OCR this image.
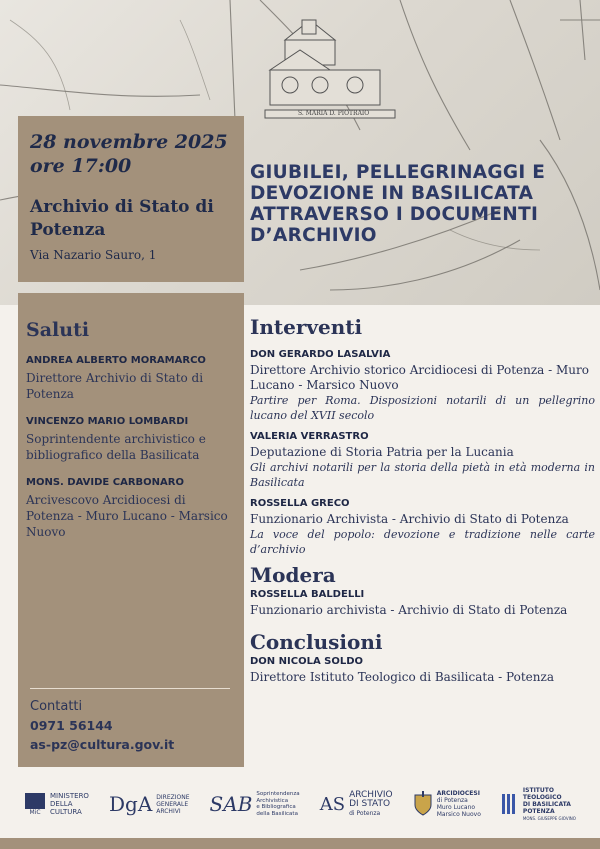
S. MARIA D. PIOTRAIO
28 novembre 2025
ore 17:00
Archivio di Stato di Potenza
Via Nazario Sauro, 1
GIUBILEI, PELLEGRINAGGI E DEVOZIONE IN BASILICATA ATTRAVERSO I DOCUMENTI D’ARCHIVIO
Saluti
ANDREA ALBERTO MORAMARCO
Direttore Archivio di Stato di Potenza
VINCENZO MARIO LOMBARDI
Soprintendente archivistico e bibliografico della Basilicata
MONS. DAVIDE CARBONARO
Arcivescovo Arcidiocesi di Potenza - Muro Lucano - Marsico Nuovo
Contatti
0971 56144
as-pz@cultura.gov.it
Interventi
DON GERARDO LASALVIA
Direttore Archivio storico Arcidiocesi di Potenza - Muro Lucano - Marsico Nuovo
Partire per Roma. Disposizioni notarili di un pellegrino lucano del XVII secolo
VALERIA VERRASTRO
Deputazione di Storia Patria per la Lucania
Gli archivi notarili per la storia della pietà in età moderna in Basilicata
ROSSELLA GRECO
Funzionario Archivista - Archivio di Stato di Potenza
La voce del popolo: devozione e tradizione nelle carte d’archivio
Modera
ROSSELLA BALDELLI
Funzionario archivista - Archivio di Stato di Potenza
Conclusioni
DON NICOLA SOLDO
Direttore Istituto Teologico di Basilicata - Potenza
MiC
MINISTERO
DELLA
CULTURA	DgA DIREZIONE
GENERALE
ARCHIVI	SAB Soprintendenza
Archivistica
e Bibliografica
della Basilicata AS ARCHIVIO
DI STATO
di Potenza
ARCIDIOCESI
di Potenza
Muro Lucano
Marsico Nuovo
ISTITUTO
TEOLOGICO
DI BASILICATA
POTENZA
MONS. GIUSEPPE GIOVINO
